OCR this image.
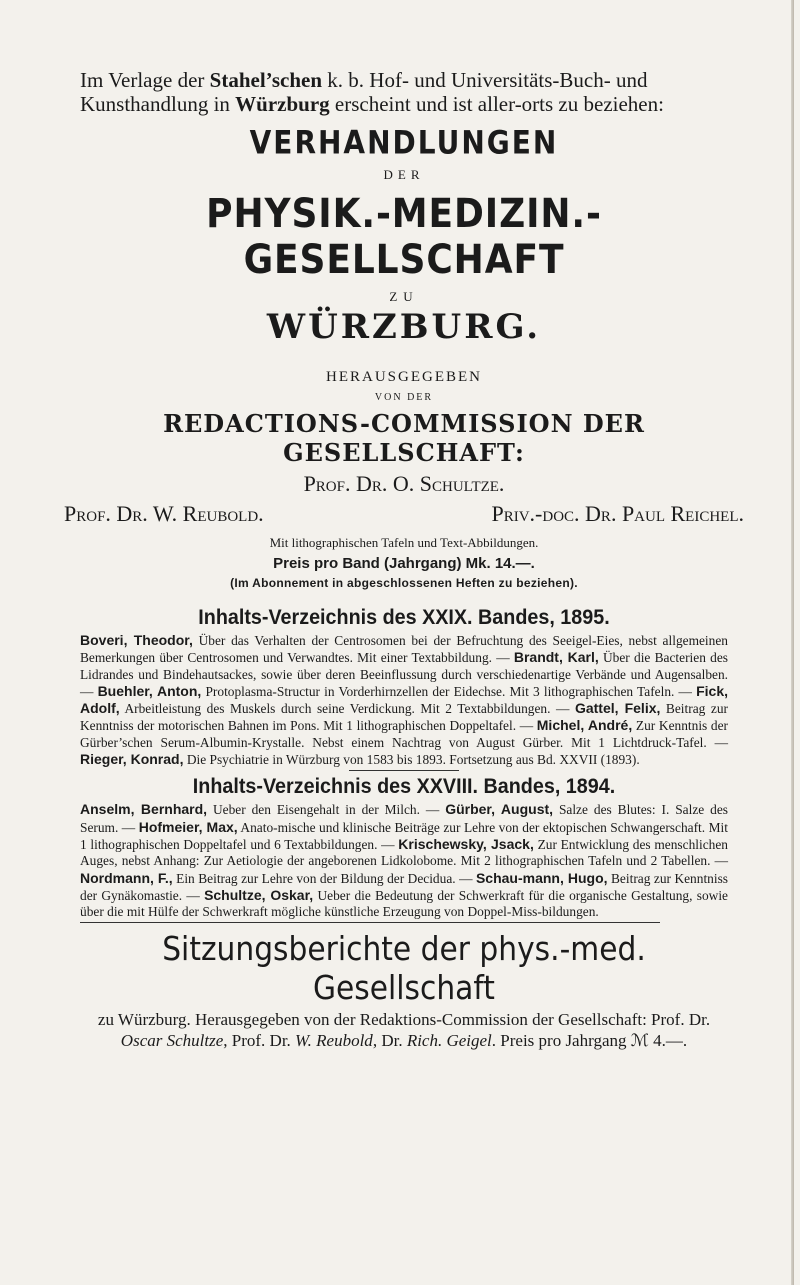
Im Verlage der Stahel’schen k. b. Hof- und Universitäts-Buch- und Kunsthandlung in Würzburg erscheint und ist aller-orts zu beziehen:

VERHANDLUNGEN
DER
PHYSIK.-MEDIZIN.-GESELLSCHAFT
ZU
WÜRZBURG.
HERAUSGEGEBEN
VON DER
REDACTIONS-COMMISSION DER GESELLSCHAFT:
Prof. Dr. O. Schultze.
Prof. Dr. W. Reubold.	Priv.-doc. Dr. Paul Reichel.
Mit lithographischen Tafeln und Text-Abbildungen.
Preis pro Band (Jahrgang) Mk. 14.—.
(Im Abonnement in abgeschlossenen Heften zu beziehen).
Inhalts-Verzeichnis des XXIX. Bandes, 1895.
Boveri, Theodor, Über das Verhalten der Centrosomen bei der Befruchtung des Seeigel-Eies, nebst allgemeinen Bemerkungen über Centrosomen und Verwandtes. Mit einer Textabbildung. — Brandt, Karl, Über die Bacterien des Lidrandes und Bindehautsackes, sowie über deren Beeinflussung durch verschiedenartige Verbände und Augensalben. — Buehler, Anton, Protoplasma-Structur in Vorderhirnzellen der Eidechse. Mit 3 lithographischen Tafeln. — Fick, Adolf, Arbeitleistung des Muskels durch seine Verdickung. Mit 2 Textabbildungen. — Gattel, Felix, Beitrag zur Kenntniss der motorischen Bahnen im Pons. Mit 1 lithographischen Doppeltafel. — Michel, André, Zur Kenntnis der Gürber’schen Serum-Albumin-Krystalle. Nebst einem Nachtrag von August Gürber. Mit 1 Lichtdruck-Tafel. — Rieger, Konrad, Die Psychiatrie in Würzburg von 1583 bis 1893. Fortsetzung aus Bd. XXVII (1893).
Inhalts-Verzeichnis des XXVIII. Bandes, 1894.
Anselm, Bernhard, Ueber den Eisengehalt in der Milch. — Gürber, August, Salze des Blutes: I. Salze des Serum. — Hofmeier, Max, Anato-mische und klinische Beiträge zur Lehre von der ektopischen Schwangerschaft. Mit 1 lithographischen Doppeltafel und 6 Textabbildungen. — Krischewsky, Jsack, Zur Entwicklung des menschlichen Auges, nebst Anhang: Zur Aetiologie der angeborenen Lidkolobome. Mit 2 lithographischen Tafeln und 2 Tabellen. — Nordmann, F., Ein Beitrag zur Lehre von der Bildung der Decidua. — Schau-mann, Hugo, Beitrag zur Kenntniss der Gynäkomastie. — Schultze, Oskar, Ueber die Bedeutung der Schwerkraft für die organische Gestaltung, sowie über die mit Hülfe der Schwerkraft mögliche künstliche Erzeugung von Doppel-Miss-bildungen.
Sitzungsberichte der phys.-med. Gesellschaft
zu Würzburg. Herausgegeben von der Redaktions-Commission der Gesellschaft: Prof. Dr. Oscar Schultze, Prof. Dr. W. Reubold, Dr. Rich. Geigel. Preis pro Jahrgang ℳ 4.—.
